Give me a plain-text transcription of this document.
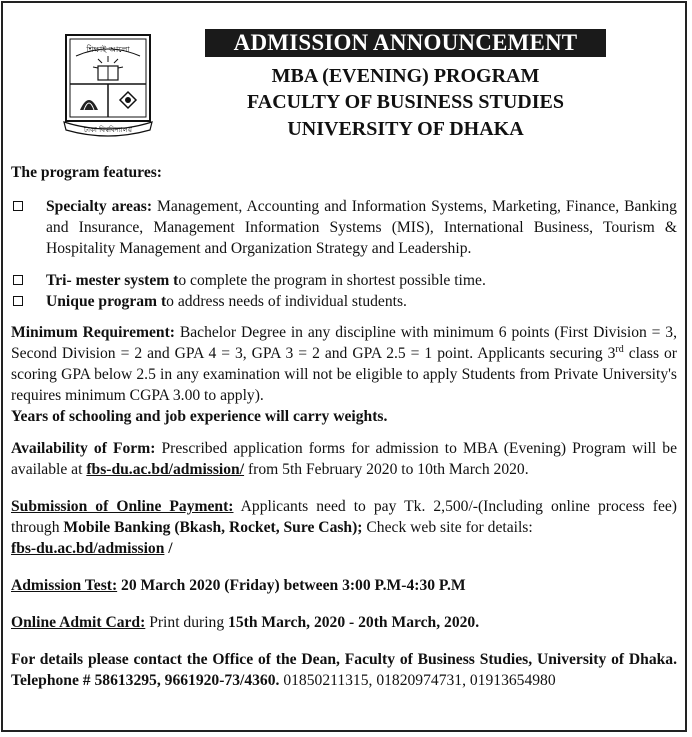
শিক্ষাই আলো
ঢাকা বিশ্ববিদ্যালয়
ADMISSION ANNOUNCEMENT
MBA (EVENING) PROGRAM
FACULTY OF BUSINESS STUDIES
UNIVERSITY OF DHAKA

The program features:

Specialty areas: Management, Accounting and Information Systems, Marketing, Finance, Banking and Insurance, Management Information Systems (MIS), International Business, Tourism & Hospitality Management and Organization Strategy and Leadership.
Tri- mester system to complete the program in shortest possible time.
Unique program to address needs of individual students.

Minimum Requirement: Bachelor Degree in any discipline with minimum 6 points (First Division = 3, Second Division = 2 and GPA 4 = 3, GPA 3 = 2 and GPA 2.5 = 1 point. Applicants securing 3rd class or scoring GPA below 2.5 in any examination will not be eligible to apply Students from Private University's requires minimum CGPA 3.00 to apply).

Years of schooling and job experience will carry weights.

Availability of Form: Prescribed application forms for admission to MBA (Evening) Program will be available at fbs-du.ac.bd/admission/ from 5th February 2020 to 10th March 2020.

Submission of Online Payment: Applicants need to pay Tk. 2,500/-(Including online process fee) through Mobile Banking (Bkash, Rocket, Sure Cash); Check web site for details:
fbs-du.ac.bd/admission /

Admission Test: 20 March 2020 (Friday) between 3:00 P.M-4:30 P.M

Online Admit Card: Print during 15th March, 2020 - 20th March, 2020.

For details please contact the Office of the Dean, Faculty of Business Studies, University of Dhaka. Telephone # 58613295, 9661920-73/4360. 01850211315, 01820974731, 01913654980
